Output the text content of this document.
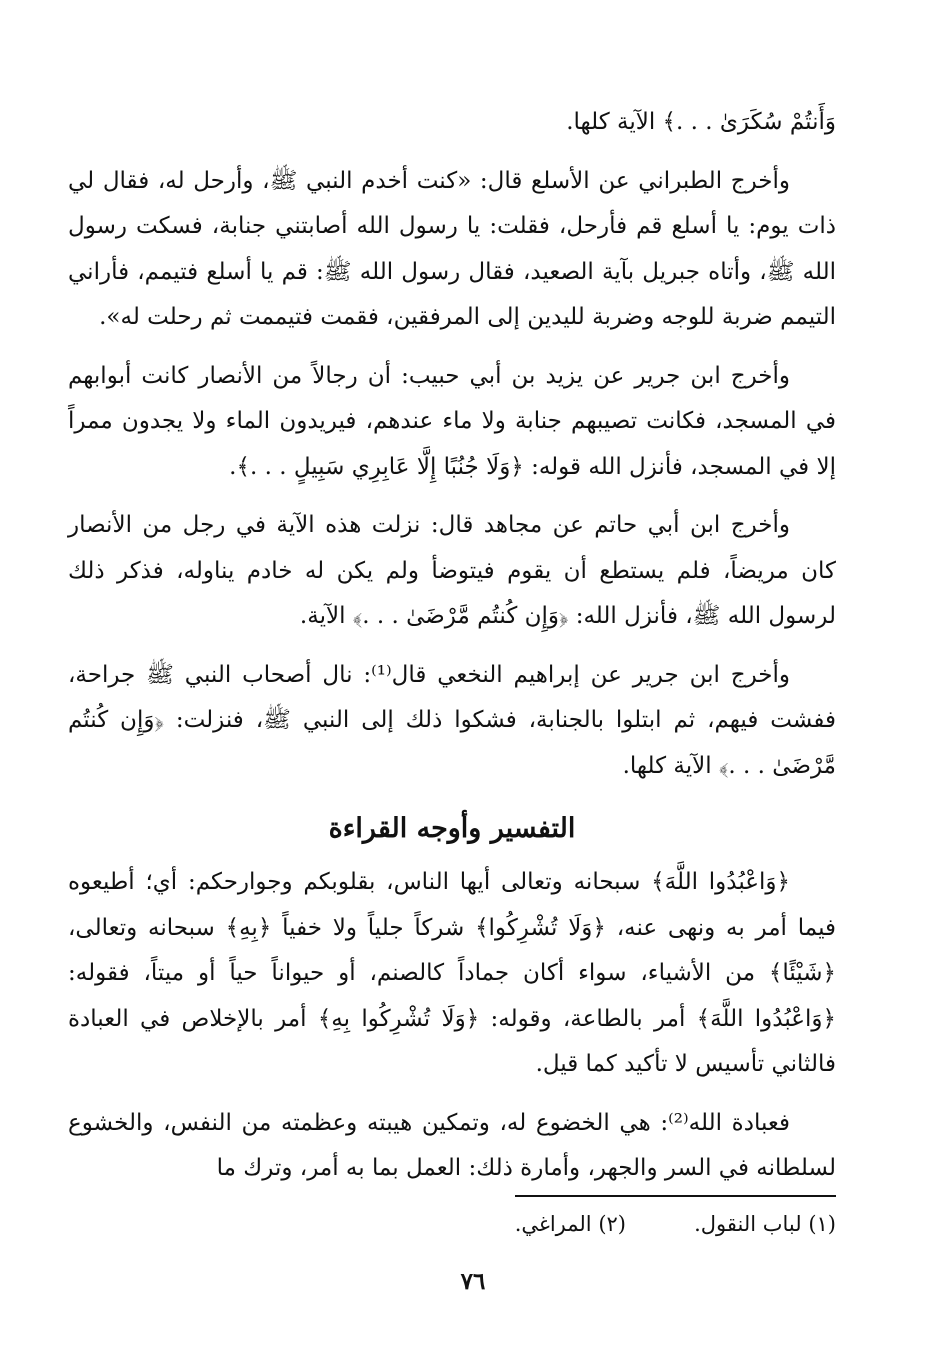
وَأَنتُمْ سُكَرَىٰ . . .﴾ الآية كلها.

وأخرج الطبراني عن الأسلع قال: «كنت أخدم النبي ﷺ، وأرحل له، فقال لي ذات يوم: يا أسلع قم فأرحل، فقلت: يا رسول الله أصابتني جنابة، فسكت رسول الله ﷺ، وأتاه جبريل بآية الصعيد، فقال رسول الله ﷺ: قم يا أسلع فتيمم، فأراني التيمم ضربة للوجه وضربة لليدين إلى المرفقين، فقمت فتيممت ثم رحلت له».

وأخرج ابن جرير عن يزيد بن أبي حبيب: أن رجالاً من الأنصار كانت أبوابهم في المسجد، فكانت تصيبهم جنابة ولا ماء عندهم، فيريدون الماء ولا يجدون ممراً إلا في المسجد، فأنزل الله قوله: ﴿وَلَا جُنُبًا إِلَّا عَابِرِي سَبِيلٍ . . .﴾.

وأخرج ابن أبي حاتم عن مجاهد قال: نزلت هذه الآية في رجل من الأنصار كان مريضاً، فلم يستطع أن يقوم فيتوضأ ولم يكن له خادم يناوله، فذكر ذلك لرسول الله ﷺ، فأنزل الله: ﴿وَإِن كُنتُم مَّرْضَىٰ . . .﴾ الآية.

وأخرج ابن جرير عن إبراهيم النخعي قال⁽¹⁾: نال أصحاب النبي ﷺ جراحة، ففشت فيهم، ثم ابتلوا بالجنابة، فشكوا ذلك إلى النبي ﷺ، فنزلت: ﴿وَإِن كُنتُم مَّرْضَىٰ . . .﴾ الآية كلها.

التفسير وأوجه القراءة

﴿وَاعْبُدُوا اللَّهَ﴾ سبحانه وتعالى أيها الناس، بقلوبكم وجوارحكم: أي؛ أطيعوه فيما أمر به ونهى عنه، ﴿وَلَا تُشْرِكُوا﴾ شركاً جلياً ولا خفياً ﴿بِهِ﴾ سبحانه وتعالى، ﴿شَيْئًا﴾ من الأشياء، سواء أكان جماداً كالصنم، أو حيواناً حياً أو ميتاً، فقوله: ﴿وَاعْبُدُوا اللَّهَ﴾ أمر بالطاعة، وقوله: ﴿وَلَا تُشْرِكُوا بِهِ﴾ أمر بالإخلاص في العبادة فالثاني تأسيس لا تأكيد كما قيل.

فعبادة الله⁽²⁾: هي الخضوع له، وتمكين هيبته وعظمته من النفس، والخشوع لسلطانه في السر والجهر، وأمارة ذلك: العمل بما به أمر، وترك ما

(١) لباب النقول.
(٢) المراغي.
٧٦
